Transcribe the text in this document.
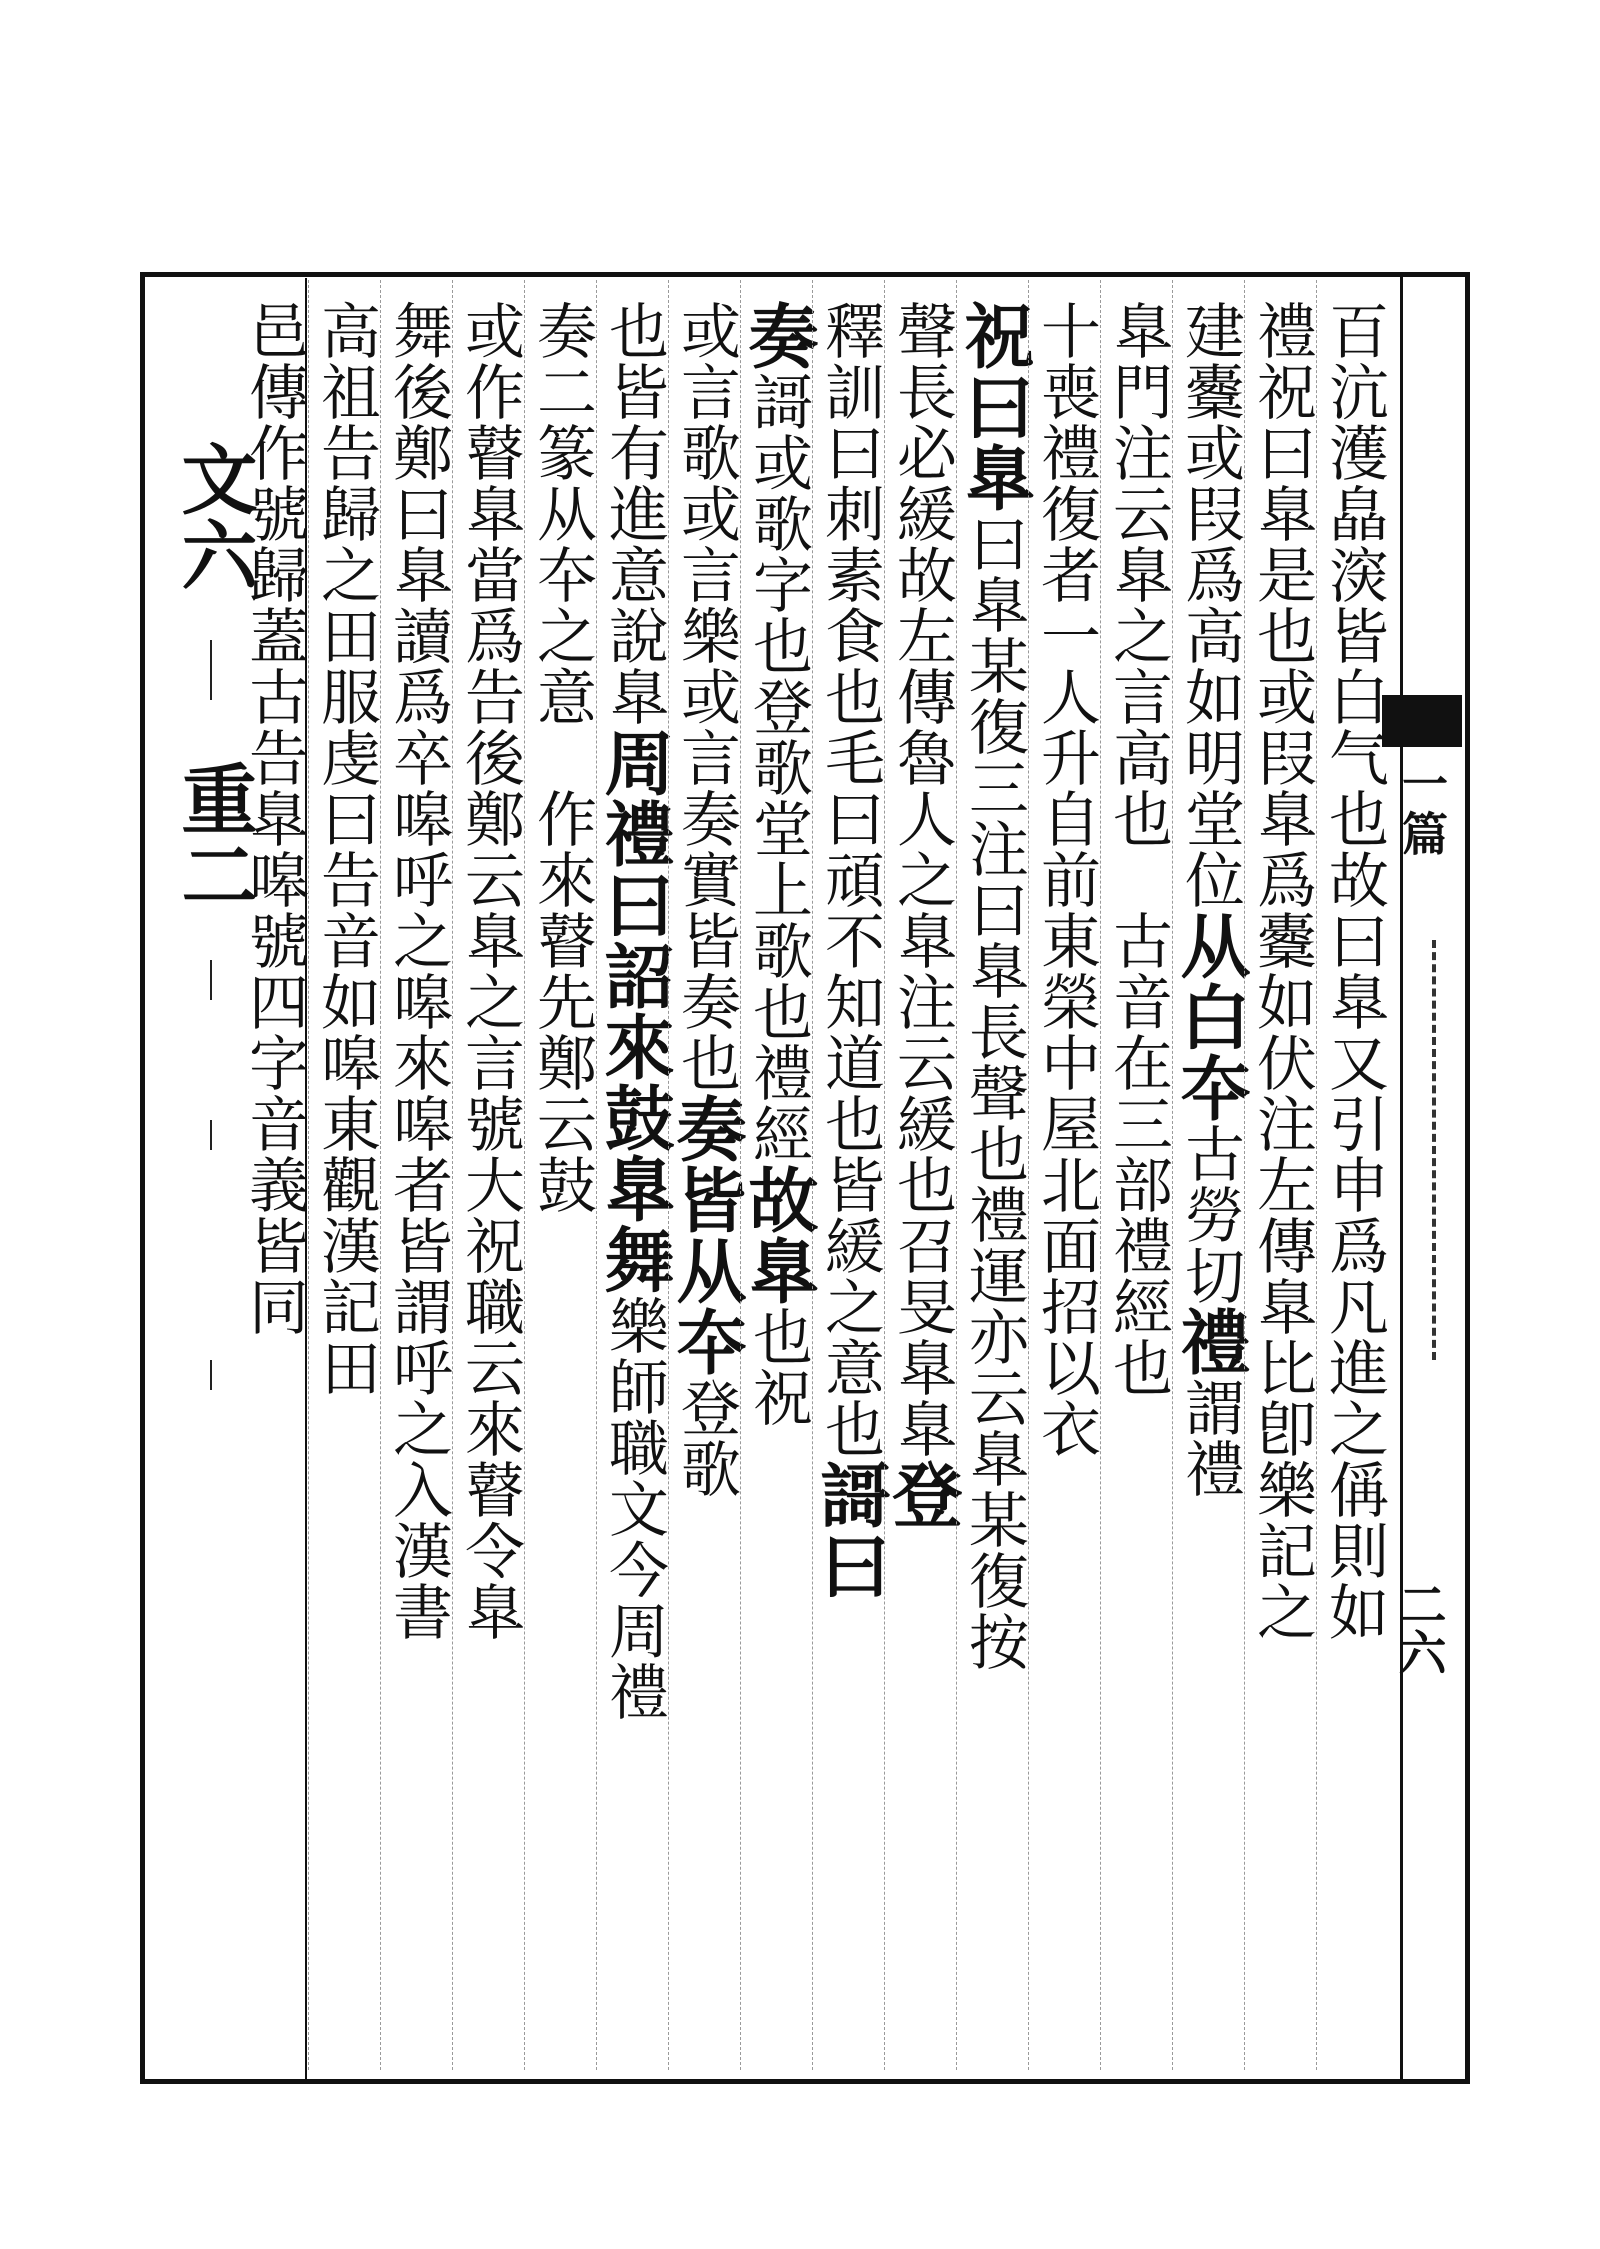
一篇
二六
文六
重二	百沆濩皛㴱皆白气也故曰臯又引申爲凡進之偁則如
禮祝曰臯是也或叚臯爲櫜如伏注左傳臯比卽樂記之
建櫜或叚爲高如明堂位从白夲古勞切禮謂禮
臯門注云臯之言高也　古音在三部禮經也
十喪禮復者一人升自前東榮中屋北面招以衣
祝曰臯曰臯某復三注曰臯長聲也禮運亦云臯某復按
聲長必緩故左傳魯人之臯注云緩也召旻臯臯登
釋訓曰刺素食也毛曰頑不知道也皆緩之意也謌曰
奏謌或歌字也登歌堂上歌也禮經故臯也祝
或言歌或言樂或言奏實皆奏也奏皆从夲登歌
也皆有進意說臯周禮曰詔來鼓臯舞樂師職文今周禮
奏二篆从夲之意　作來瞽先鄭云鼓
或作瞽臯當爲告後鄭云臯之言號大祝職云來瞽令臯
舞後鄭曰臯讀爲卒嗥呼之嗥來嗥者皆謂呼之入漢書
高祖告歸之田服虔曰告音如嗥東觀漢記田
邑傳作號歸蓋古告臯嗥號四字音義皆同
